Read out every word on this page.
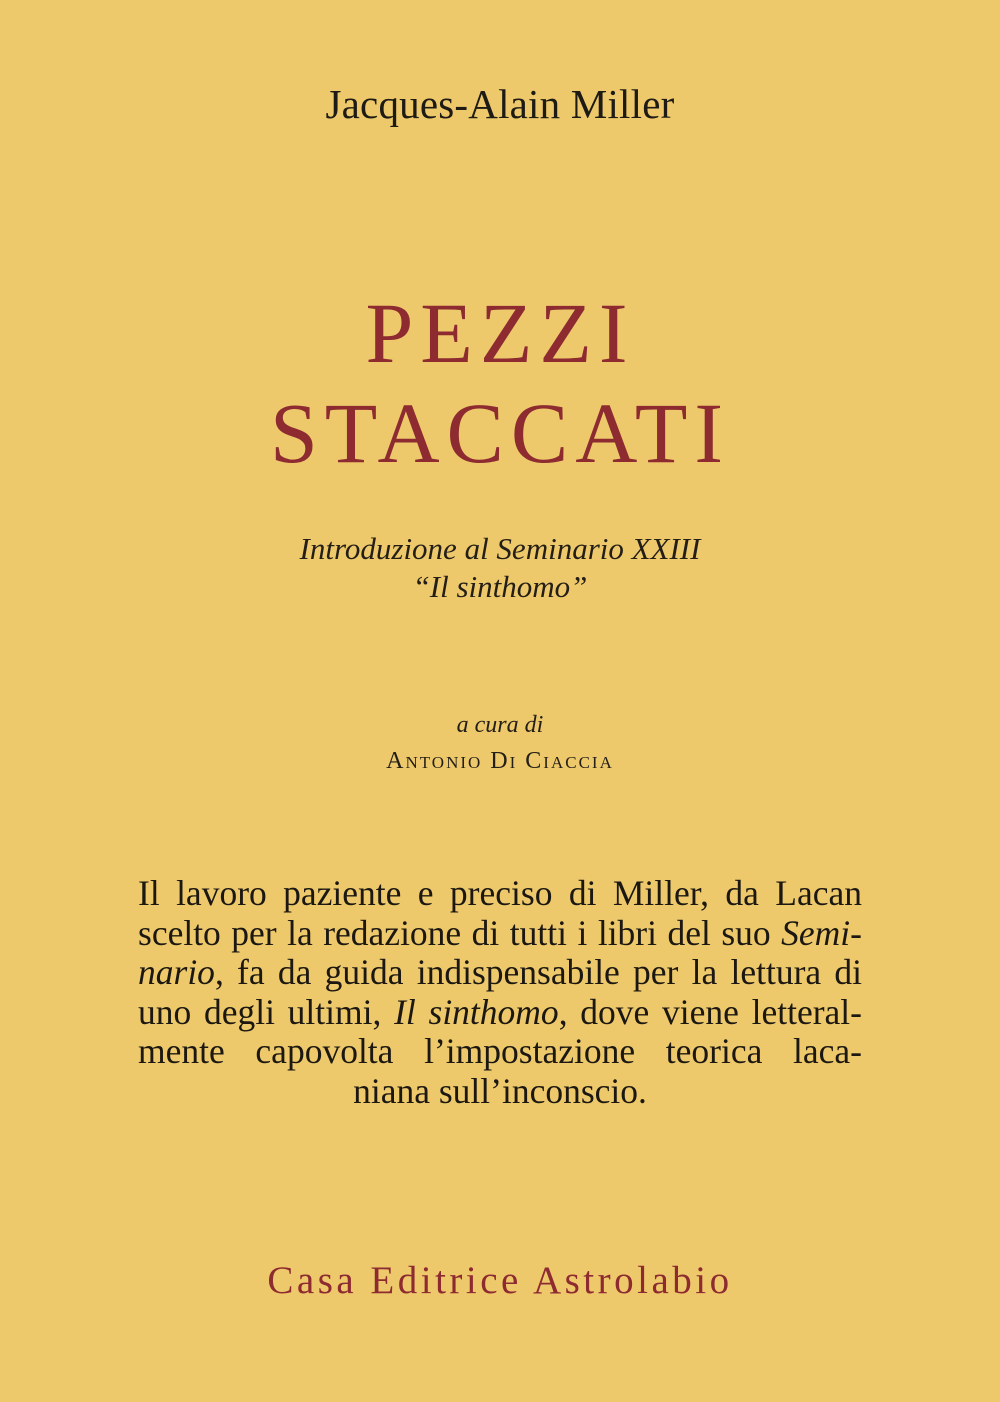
Jacques-Alain Miller
PEZZI
STACCATI
Introduzione al Seminario XXIII
“Il sinthomo”
a cura di
Antonio Di Ciaccia
Il lavoro paziente e preciso di Miller, da Lacan
scelto per la redazione di tutti i libri del suo Semi-
nario, fa da guida indispensabile per la lettura di
uno degli ultimi, Il sinthomo, dove viene letteral-
mente capovolta l’impostazione teorica laca-
niana sull’inconscio.
Casa Editrice Astrolabio
